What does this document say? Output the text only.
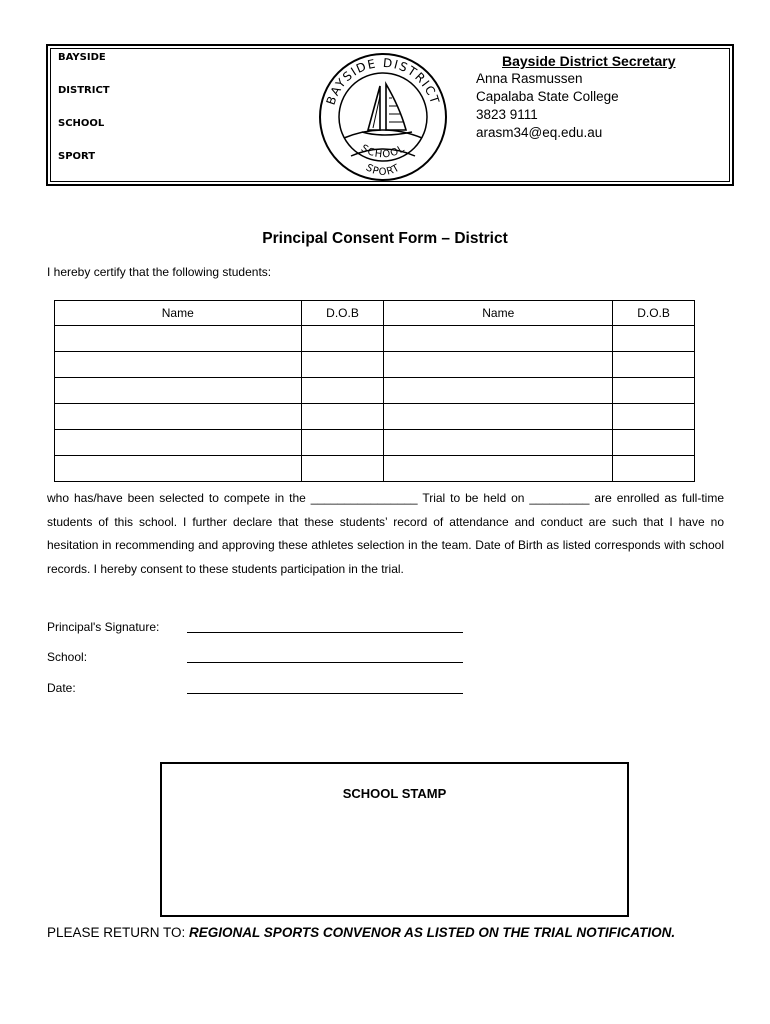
BAYSIDE
DISTRICT
SCHOOL
SPORT
BAYSIDE DISTRICT
SCHOOL
SPORT
Bayside District Secretary
Anna Rasmussen
Capalaba State College
3823 9111
arasm34@eq.edu.au
Principal Consent Form – District
I hereby certify that the following students:
Name	D.O.B	Name	D.O.B

who has/have been selected to compete in the ________________ Trial to be held on _________ are enrolled as full-time students of this school. I further declare that these students’ record of attendance and conduct are such that I have no hesitation in recommending and approving these athletes selection in the team. Date of Birth as listed corresponds with school records. I hereby consent to these students participation in the trial.
Principal's Signature:
School:
Date:
SCHOOL STAMP
PLEASE RETURN TO: REGIONAL SPORTS CONVENOR AS LISTED ON THE TRIAL NOTIFICATION.
